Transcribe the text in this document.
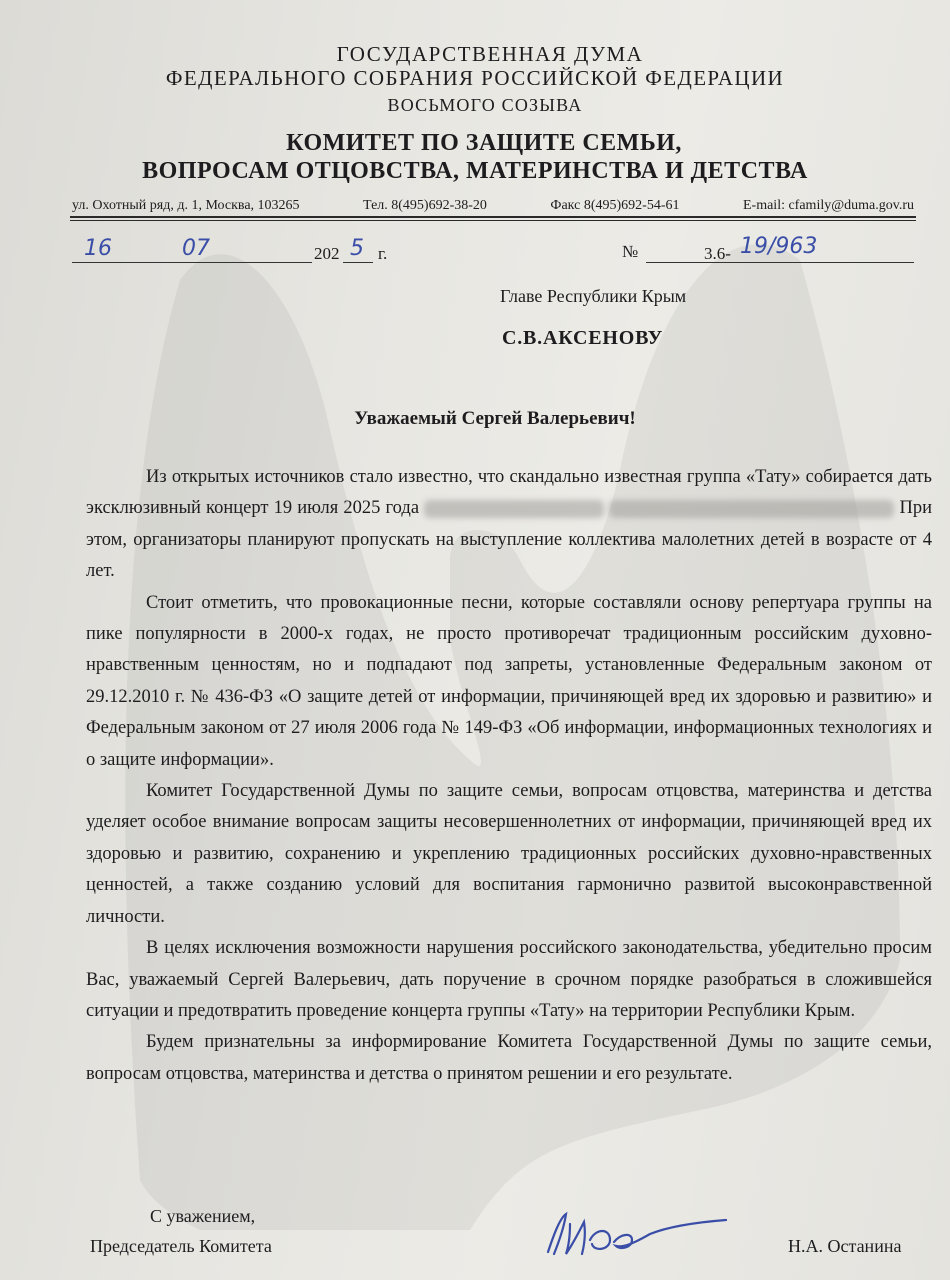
ГОСУДАРСТВЕННАЯ ДУМА
ФЕДЕРАЛЬНОГО СОБРАНИЯ РОССИЙСКОЙ ФЕДЕРАЦИИ
ВОСЬМОГО СОЗЫВА
КОМИТЕТ ПО ЗАЩИТЕ СЕМЬИ,
ВОПРОСАМ ОТЦОВСТВА, МАТЕРИНСТВА И ДЕТСТВА
ул. Охотный ряд, д. 1, Москва, 103265	Тел. 8(495)692-38-20	Факс 8(495)692-54-61	E-mail: cfamily@duma.gov.ru
16	07	202 5 г.	№	3.6- 19/963
Главе Республики Крым
С.В.АКСЕНОВУ
Уважаемый Сергей Валерьевич!

Из открытых источников стало известно, что скандально известная группа «Тату» собирается дать эксклюзивный концерт 19 июля 2025 года	При этом, организаторы планируют пропускать на выступление коллектива малолетних детей в возрасте от 4 лет.

Стоит отметить, что провокационные песни, которые составляли основу репертуара группы на пике популярности в 2000-х годах, не просто противоречат традиционным российским духовно-нравственным ценностям, но и подпадают под запреты, установленные Федеральным законом от 29.12.2010 г. № 436-ФЗ «О защите детей от информации, причиняющей вред их здоровью и развитию» и Федеральным законом от 27 июля 2006 года № 149-ФЗ «Об информации, информационных технологиях и о защите информации».

Комитет Государственной Думы по защите семьи, вопросам отцовства, материнства и детства уделяет особое внимание вопросам защиты несовершеннолетних от информации, причиняющей вред их здоровью и развитию, сохранению и укреплению традиционных российских духовно-нравственных ценностей, а также созданию условий для воспитания гармонично развитой высоконравственной личности.

В целях исключения возможности нарушения российского законодательства, убедительно просим Вас, уважаемый Сергей Валерьевич, дать поручение в срочном порядке разобраться в сложившейся ситуации и предотвратить проведение концерта группы «Тату» на территории Республики Крым.

Будем признательны за информирование Комитета Государственной Думы по защите семьи, вопросам отцовства, материнства и детства о принятом решении и его результате.

С уважением,
Председатель Комитета	Н.А. Останина
